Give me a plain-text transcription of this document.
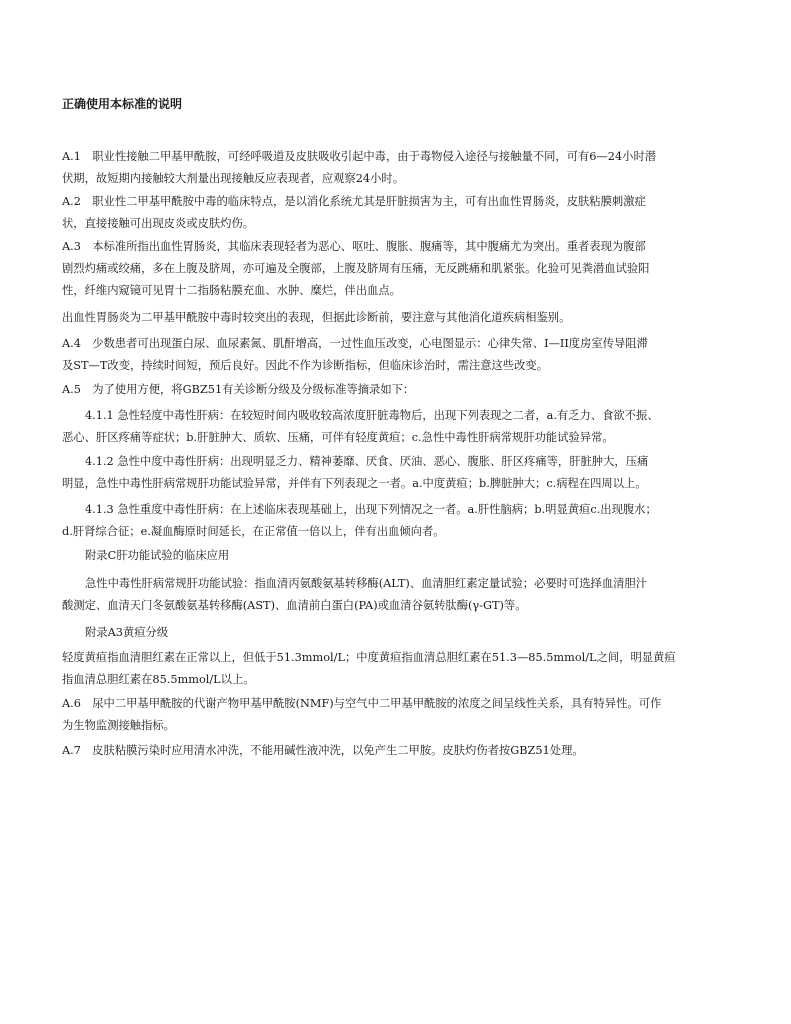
正确使用本标准的说明
A.1　职业性接触二甲基甲酰胺，可经呼吸道及皮肤吸收引起中毒，由于毒物侵入途径与接触量不同，可有6—24小时潜
伏期，故短期内接触较大剂量出现接触反应表现者，应观察24小时。
A.2　职业性二甲基甲酰胺中毒的临床特点，是以消化系统尤其是肝脏损害为主，可有出血性胃肠炎，皮肤粘膜刺激症
状，直接接触可出现皮炎或皮肤灼伤。
A.3　本标准所指出血性胃肠炎，其临床表现轻者为恶心、呕吐、腹胀、腹痛等，其中腹痛尤为突出。重者表现为腹部
剧烈灼痛或绞痛，多在上腹及脐周，亦可遍及全腹部，上腹及脐周有压痛，无反跳痛和肌紧张。化验可见粪潜血试验阳
性，纤维内窥镜可见胃十二指肠粘膜充血、水肿、糜烂，伴出血点。
出血性胃肠炎为二甲基甲酰胺中毒时较突出的表现，但据此诊断前，要注意与其他消化道疾病相鉴别。
A.4　少数患者可出现蛋白尿、血尿素氮、肌酐增高，一过性血压改变，心电图显示：心律失常、I—II度房室传导阻滞
及ST—T改变，持续时间短，预后良好。因此不作为诊断指标，但临床诊治时，需注意这些改变。
A.5　为了使用方便，将GBZ51有关诊断分级及分级标准等摘录如下：
4.1.1 急性轻度中毒性肝病：在较短时间内吸收较高浓度肝脏毒物后，出现下列表现之二者，a.有乏力、食欲不振、
恶心、肝区疼痛等症状；b.肝脏肿大、质软、压痛，可伴有轻度黄疸；c.急性中毒性肝病常规肝功能试验异常。
4.1.2 急性中度中毒性肝病：出现明显乏力、精神萎靡、厌食、厌油、恶心、腹胀、肝区疼痛等，肝脏肿大，压痛
明显，急性中毒性肝病常规肝功能试验异常，并伴有下列表现之一者。a.中度黄疸；b.脾脏肿大；c.病程在四周以上。
4.1.3 急性重度中毒性肝病：在上述临床表现基础上，出现下列情况之一者。a.肝性脑病；b.明显黄疸c.出现腹水；
d.肝肾综合征；e.凝血酶原时间延长，在正常值一倍以上，伴有出血倾向者。
附录C肝功能试验的临床应用
急性中毒性肝病常规肝功能试验：指血清丙氨酸氨基转移酶(ALT)、血清胆红素定量试验；必要时可选择血清胆汁
酸测定、血清天门冬氨酸氨基转移酶(AST)、血清前白蛋白(PA)或血清谷氨转肽酶(γ-GT)等。
附录A3黄疸分级
轻度黄疸指血清胆红素在正常以上，但低于51.3mmol/L；中度黄疸指血清总胆红素在51.3—85.5mmol/L之间，明显黄疸
指血清总胆红素在85.5mmol/L以上。
A.6　尿中二甲基甲酰胺的代谢产物甲基甲酰胺(NMF)与空气中二甲基甲酰胺的浓度之间呈线性关系，具有特异性。可作
为生物监测接触指标。
A.7　皮肤粘膜污染时应用清水冲洗，不能用碱性液冲洗，以免产生二甲胺。皮肤灼伤者按GBZ51处理。
